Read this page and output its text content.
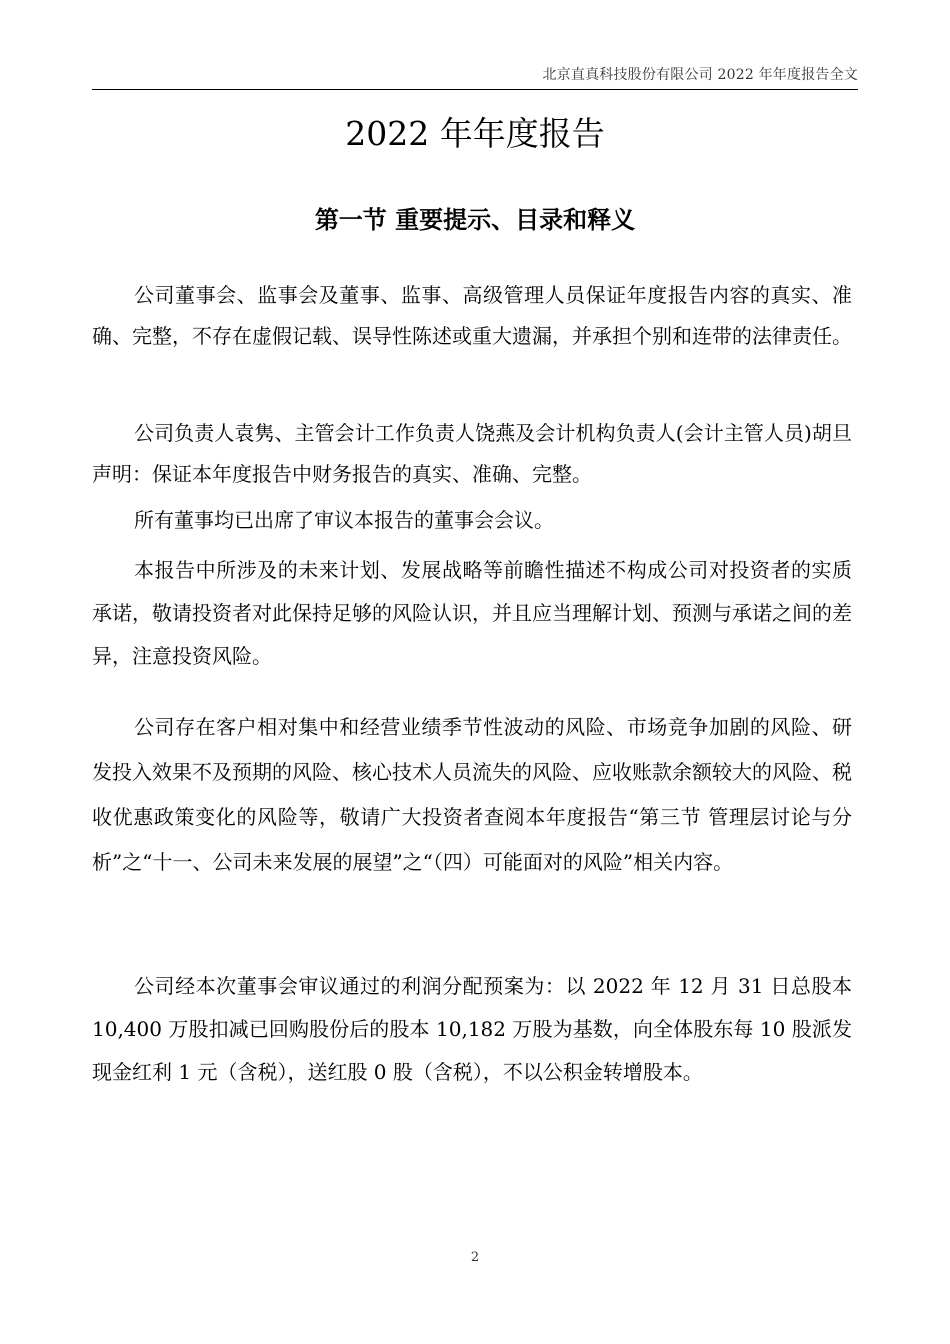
北京直真科技股份有限公司 2022 年年度报告全文
2022 年年度报告
第一节 重要提示、目录和释义

公司董事会、监事会及董事、监事、高级管理人员保证年度报告内容的真实、准确、完整，不存在虚假记载、误导性陈述或重大遗漏，并承担个别和连带的法律责任。

公司负责人袁隽、主管会计工作负责人饶燕及会计机构负责人(会计主管人员)胡旦声明：保证本年度报告中财务报告的真实、准确、完整。

所有董事均已出席了审议本报告的董事会会议。

本报告中所涉及的未来计划、发展战略等前瞻性描述不构成公司对投资者的实质承诺，敬请投资者对此保持足够的风险认识，并且应当理解计划、预测与承诺之间的差异，注意投资风险。

公司存在客户相对集中和经营业绩季节性波动的风险、市场竞争加剧的风险、研发投入效果不及预期的风险、核心技术人员流失的风险、应收账款余额较大的风险、税收优惠政策变化的风险等，敬请广大投资者查阅本年度报告“第三节 管理层讨论与分析”之“十一、公司未来发展的展望”之“（四）可能面对的风险”相关内容。

公司经本次董事会审议通过的利润分配预案为：以 2022 年 12 月 31 日总股本 10,400 万股扣减已回购股份后的股本 10,182 万股为基数，向全体股东每 10 股派发现金红利 1 元（含税），送红股 0 股（含税），不以公积金转增股本。

2
